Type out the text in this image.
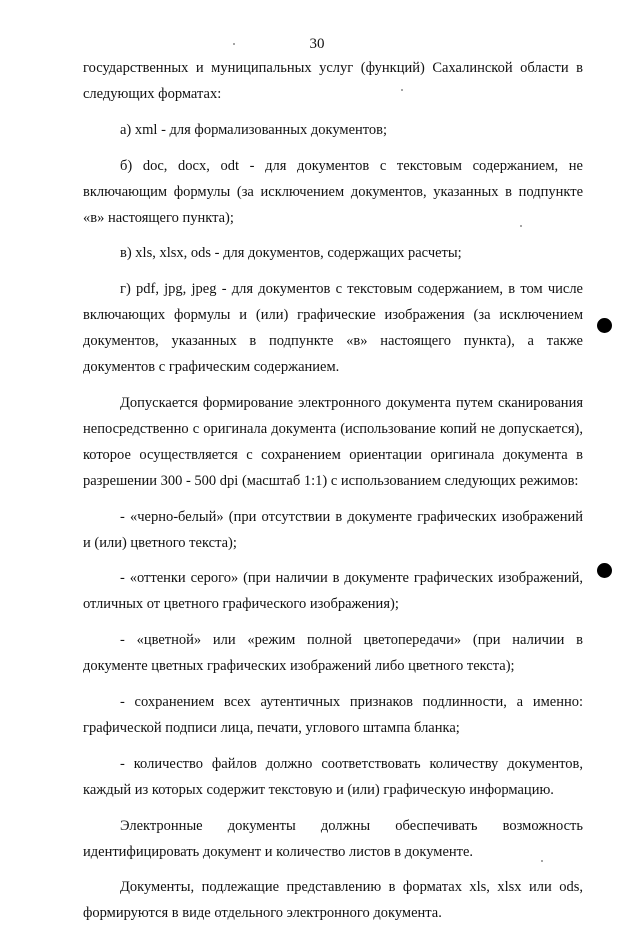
30

государственных и муниципальных услуг (функций) Сахалинской области в следующих форматах:

а) xml - для формализованных документов;

б) doc, docx, odt - для документов с текстовым содержанием, не включающим формулы (за исключением документов, указанных в подпункте «в» настоящего пункта);

в) xls, xlsx, ods - для документов, содержащих расчеты;

г) pdf, jpg, jpeg - для документов с текстовым содержанием, в том числе включающих формулы и (или) графические изображения (за исключением документов, указанных в подпункте «в» настоящего пункта), а также документов с графическим содержанием.

Допускается формирование электронного документа путем сканирования непосредственно с оригинала документа (использование копий не допускается), которое осуществляется с сохранением ориентации оригинала документа в разрешении 300 - 500 dpi (масштаб 1:1) с использованием следующих режимов:

- «черно-белый» (при отсутствии в документе графических изображений и (или) цветного текста);

- «оттенки серого» (при наличии в документе графических изображений, отличных от цветного графического изображения);

- «цветной» или «режим полной цветопередачи» (при наличии в документе цветных графических изображений либо цветного текста);

- сохранением всех аутентичных признаков подлинности, а именно: графической подписи лица, печати, углового штампа бланка;

- количество файлов должно соответствовать количеству документов, каждый из которых содержит текстовую и (или) графическую информацию.

Электронные документы должны обеспечивать возможность идентифицировать документ и количество листов в документе.

Документы, подлежащие представлению в форматах xls, xlsx или ods, формируются в виде отдельного электронного документа.
